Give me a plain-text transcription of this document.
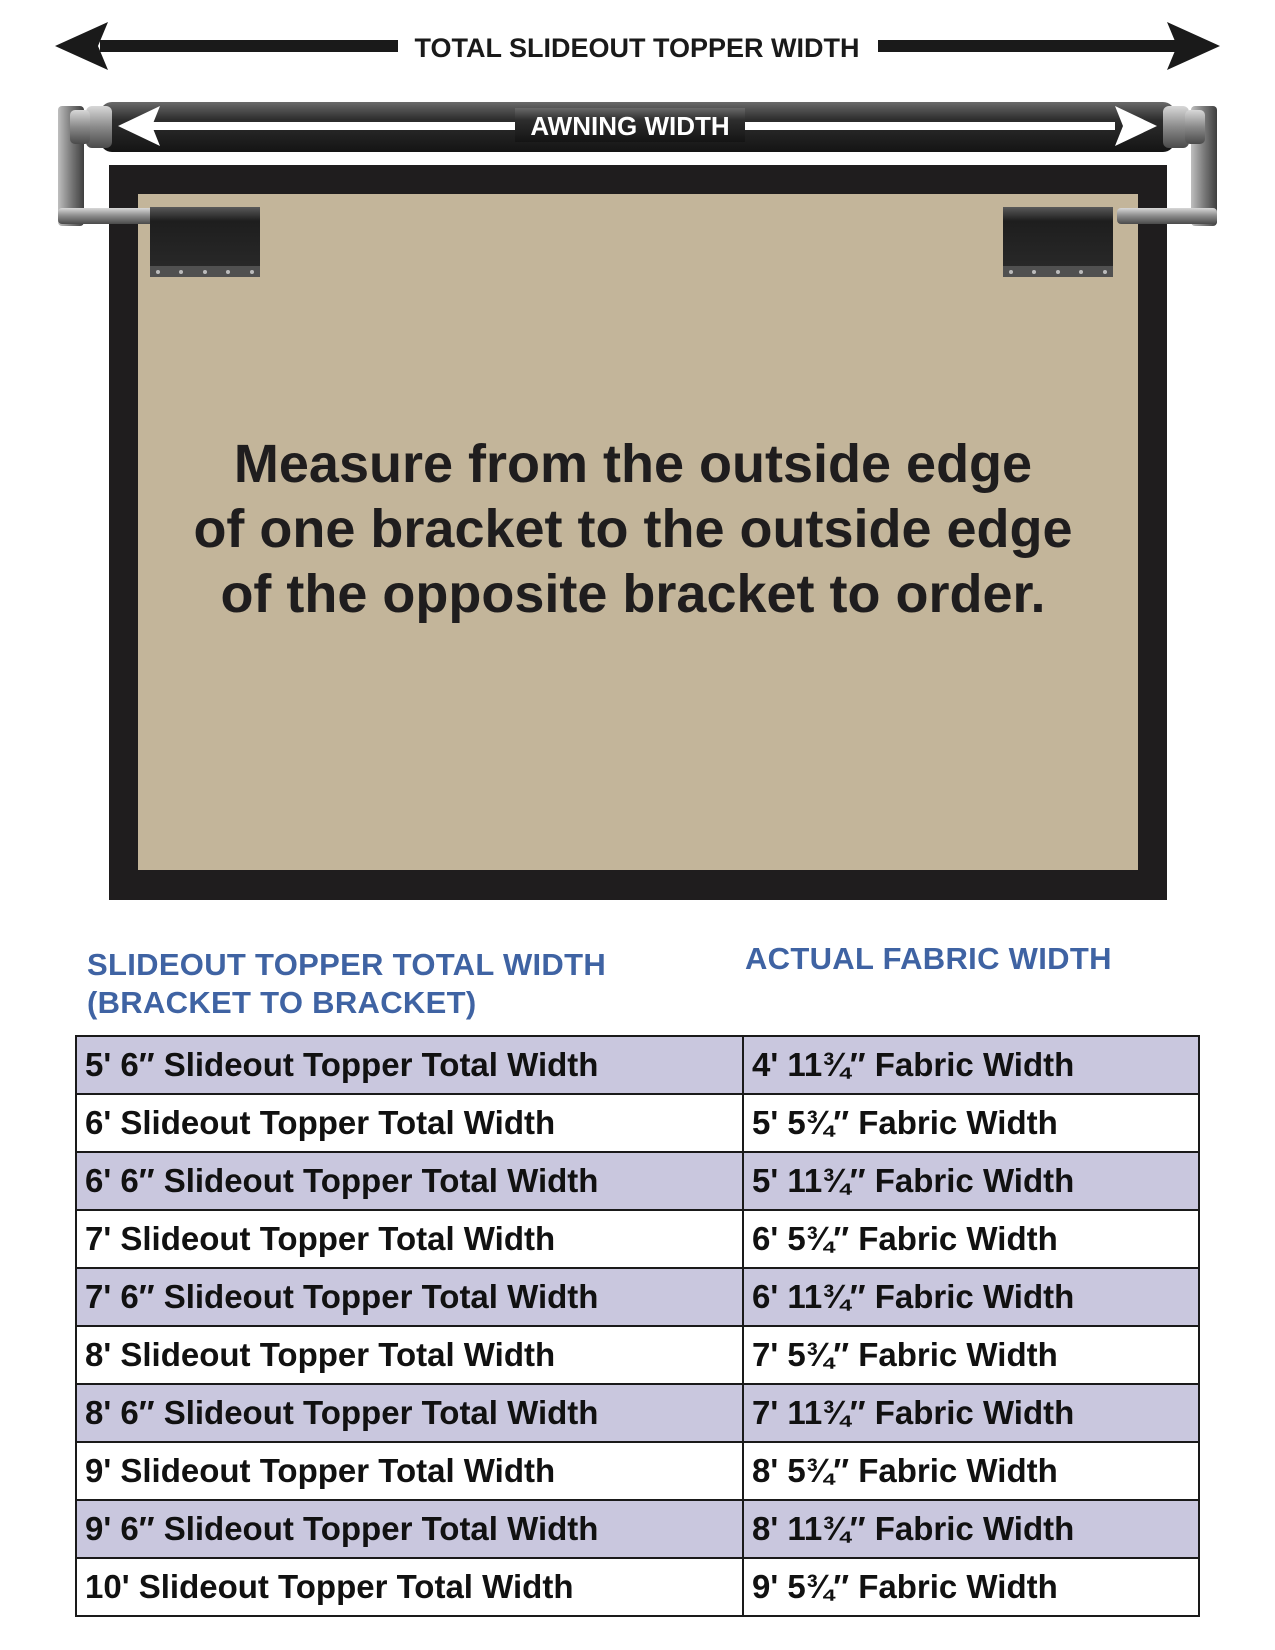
TOTAL SLIDEOUT TOPPER WIDTH
AWNING WIDTH
Measure from the outside edge
of one bracket to the outside edge
of the opposite bracket to order.
SLIDEOUT TOPPER TOTAL WIDTH
(BRACKET TO BRACKET)
ACTUAL FABRIC WIDTH
5' 6″ Slideout Topper Total Width	4' 11¾″ Fabric Width
6' Slideout Topper Total Width	5' 5¾″ Fabric Width
6' 6″ Slideout Topper Total Width	5' 11¾″ Fabric Width
7' Slideout Topper Total Width	6' 5¾″ Fabric Width
7' 6″ Slideout Topper Total Width	6' 11¾″ Fabric Width
8' Slideout Topper Total Width	7' 5¾″ Fabric Width
8' 6″ Slideout Topper Total Width	7' 11¾″ Fabric Width
9' Slideout Topper Total Width	8' 5¾″ Fabric Width
9' 6″ Slideout Topper Total Width	8' 11¾″ Fabric Width
10' Slideout Topper Total Width	9' 5¾″ Fabric Width
